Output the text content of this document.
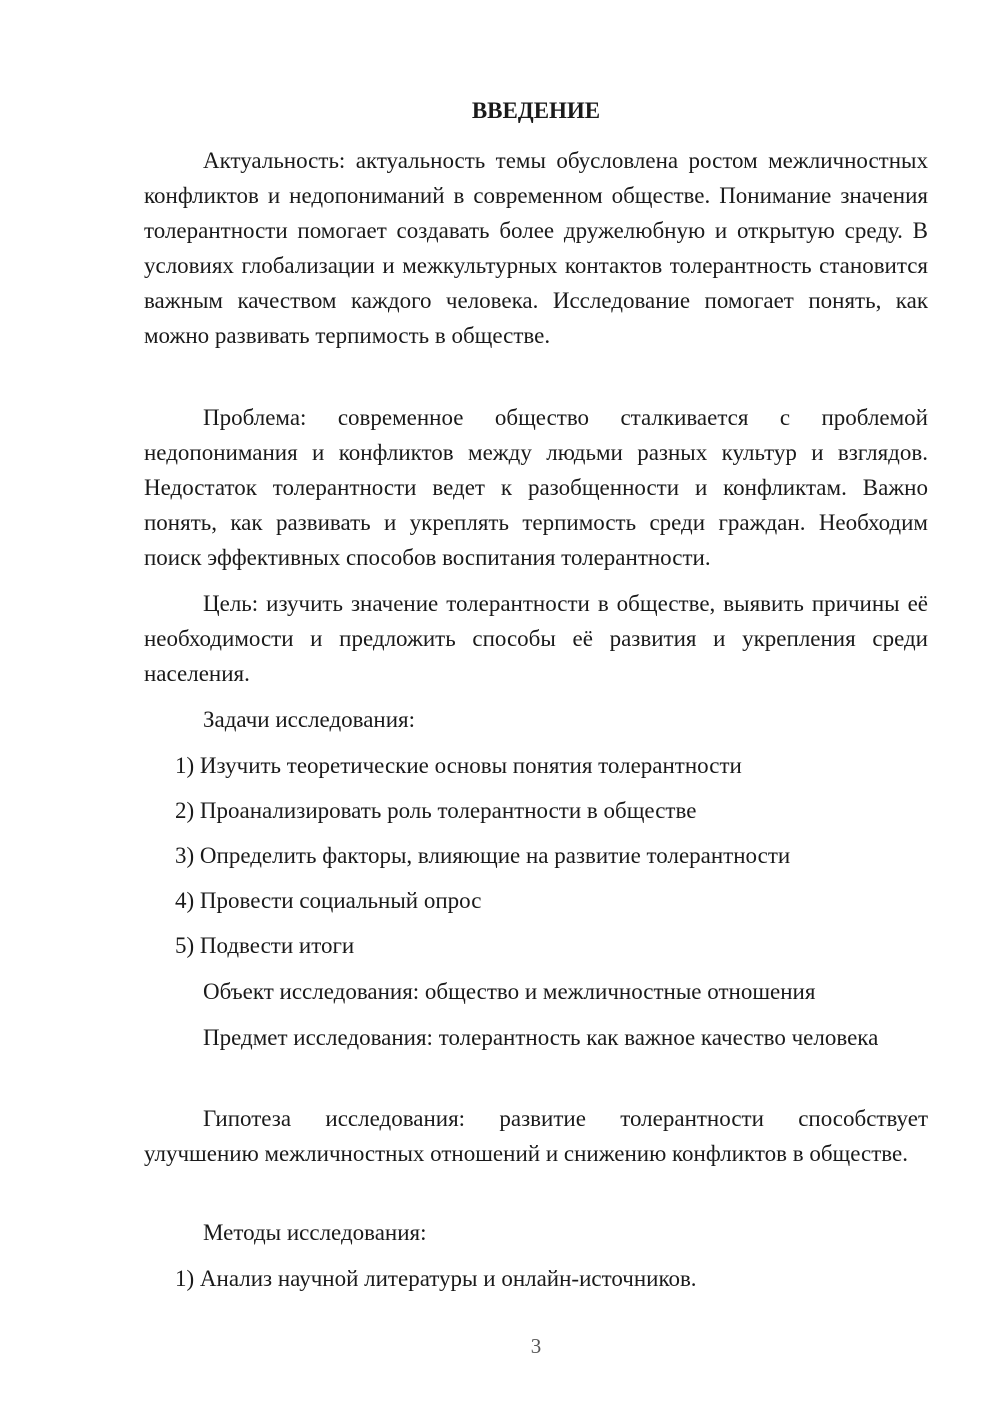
ВВЕДЕНИЕ

Актуальность: актуальность темы обусловлена ростом межличностных конфликтов и недопониманий в современном обществе. Понимание значения толерантности помогает создавать более дружелюбную и открытую среду. В условиях глобализации и межкультурных контактов толерантность становится важным качеством каждого человека. Исследование помогает понять, как можно развивать терпимость в обществе.

Проблема: современное общество сталкивается с проблемой недопонимания и конфликтов между людьми разных культур и взглядов. Недостаток толерантности ведет к разобщенности и конфликтам. Важно понять, как развивать и укреплять терпимость среди граждан. Необходим поиск эффективных способов воспитания толерантности.

Цель: изучить значение толерантности в обществе, выявить причины её необходимости и предложить способы её развития и укрепления среди населения.

Задачи исследования:
1) Изучить теоретические основы понятия толерантности
2) Проанализировать роль толерантности в обществе
3) Определить факторы, влияющие на развитие толерантности
4) Провести социальный опрос
5) Подвести итоги
Объект исследования: общество и межличностные отношения

Предмет исследования: толерантность как важное качество человека

Гипотеза исследования: развитие толерантности способствует улучшению межличностных отношений и снижению конфликтов в обществе.

Методы исследования:
1) Анализ научной литературы и онлайн-источников.
3
